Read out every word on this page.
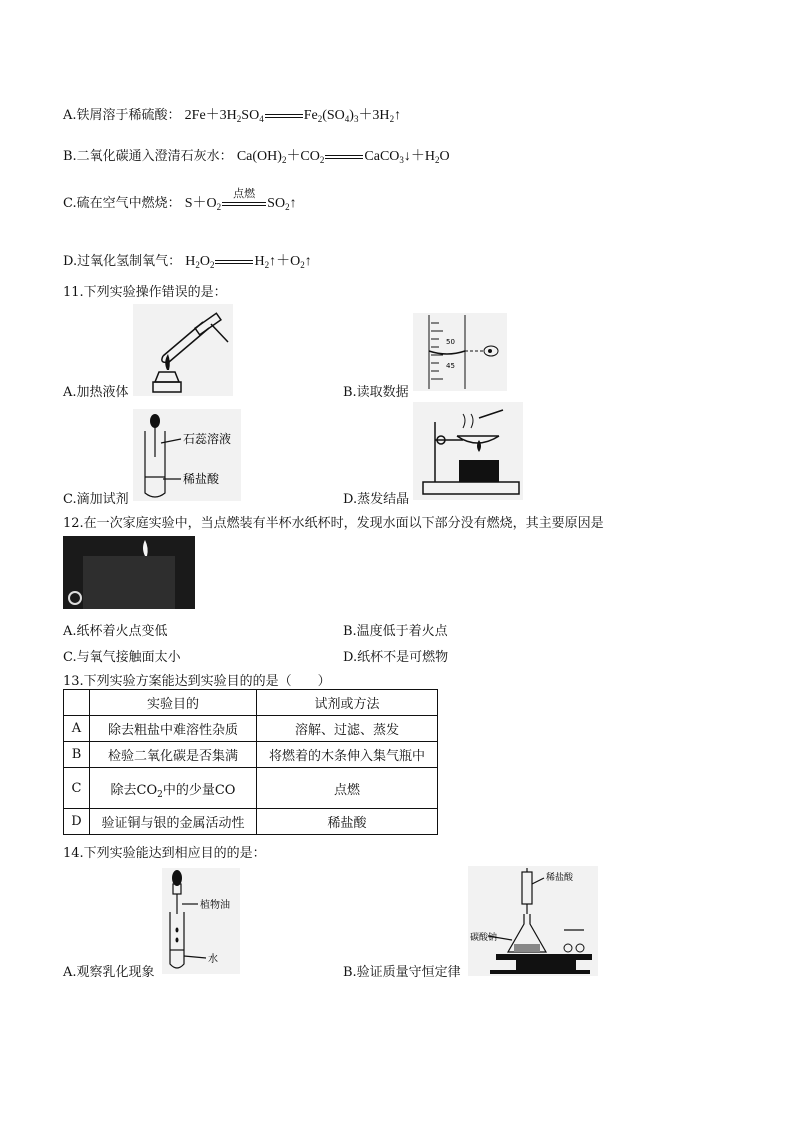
A.铁屑溶于稀硫酸： $2Fe+3H_2SO_4$	$Fe_2(SO_4)_3+3H_2↑$
B.二氧化碳通入澄清石灰水： $Ca(OH)_2+CO_2$	$CaCO_3↓+H_2O$
C.硫在空气中燃烧： $S+O_2$
点燃
$SO_2↑$
D.过氧化氢制氧气： $H_2O_2$	$H_2↑+O_2↑$
11.下列实验操作错误的是：
A.加热液体
50
45
B.读取数据
石蕊溶液
稀盐酸
C.滴加试剂	D.蒸发结晶
12.在一次家庭实验中，当点燃装有半杯水纸杯时，发现水面以下部分没有燃烧，其主要原因是
A.纸杯着火点变低	B.温度低于着火点
C.与氧气接触面太小	D.纸杯不是可燃物
13.下列实验方案能达到实验目的的是（　　）
	实验目的	试剂或方法
A	除去粗盐中难溶性杂质	溶解、过滤、蒸发
B	检验二氧化碳是否集满	将燃着的木条伸入集气瓶中
C	除去$CO_2$中的少量CO	点燃
D	验证铜与银的金属活动性	稀盐酸
14.下列实验能达到相应目的的是：
植物油
水
A.观察乳化现象
稀盐酸
碳酸钠
B.验证质量守恒定律
